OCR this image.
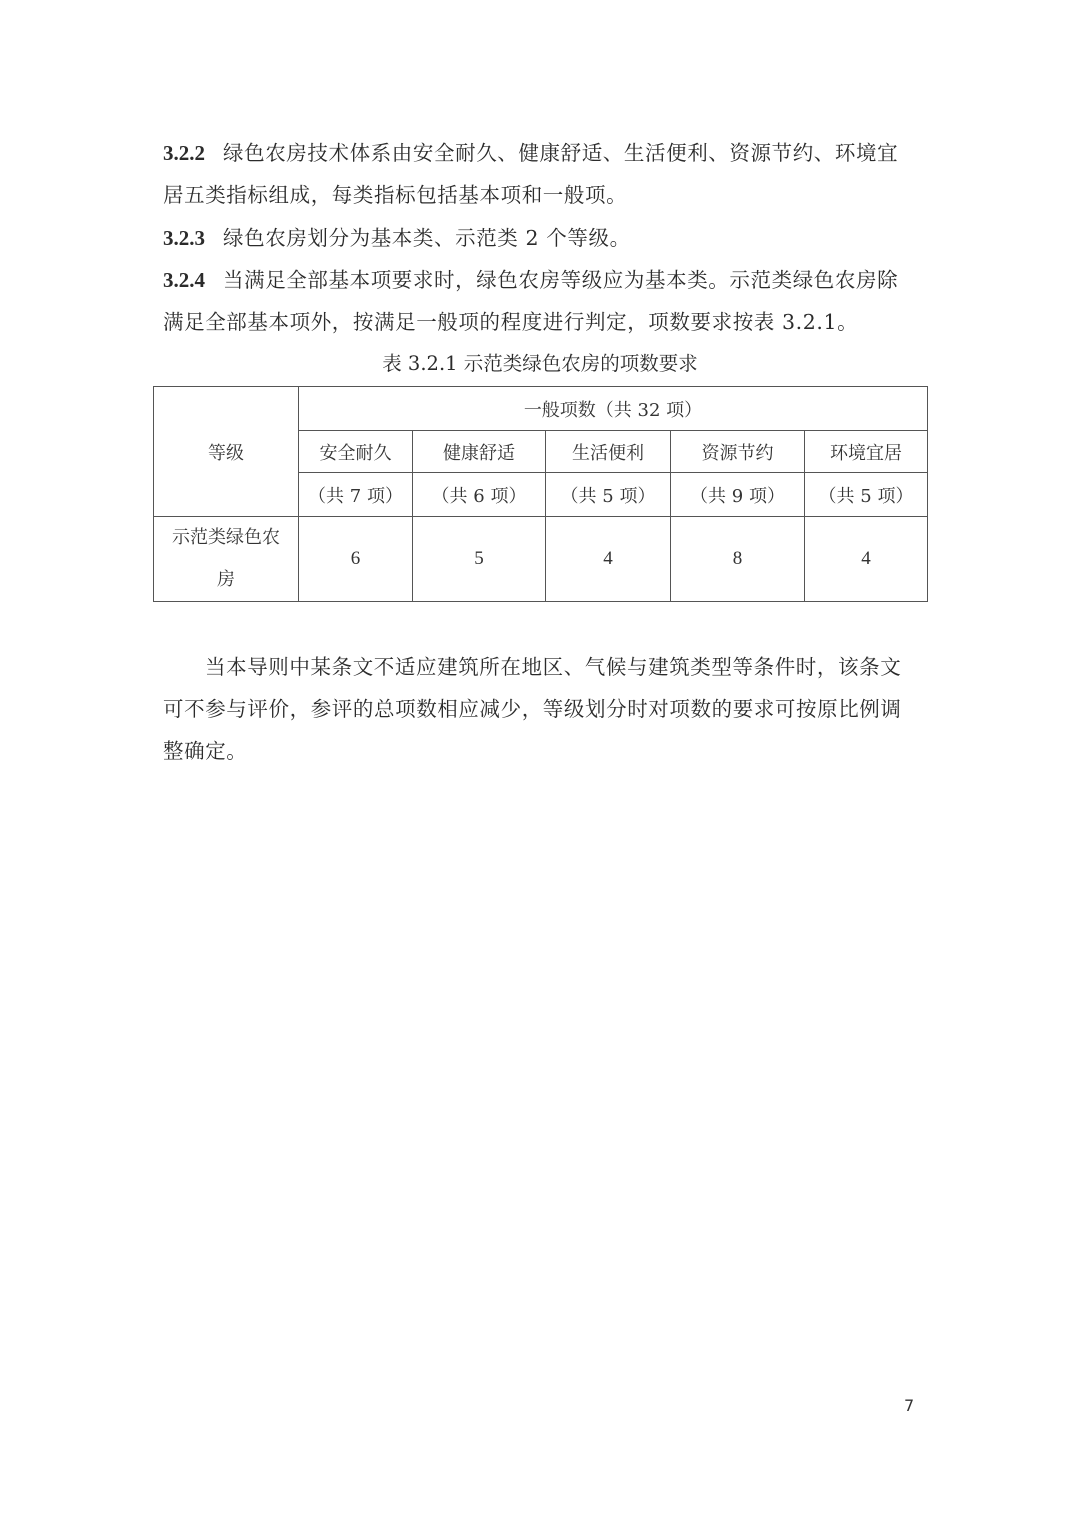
3.2.2 绿色农房技术体系由安全耐久、健康舒适、生活便利、资源节约、环境宜
居五类指标组成，每类指标包括基本项和一般项。
3.2.3 绿色农房划分为基本类、示范类 2 个等级。
3.2.4 当满足全部基本项要求时，绿色农房等级应为基本类。示范类绿色农房除
满足全部基本项外，按满足一般项的程度进行判定，项数要求按表 3.2.1。
表 3.2.1 示范类绿色农房的项数要求
等级	一般项数（共 32 项）				
	安全耐久	健康舒适	生活便利	资源节约	环境宜居
	（共 7 项）	（共 6 项）	（共 5 项）	（共 9 项）	（共 5 项）

示范类绿色农
房	6	5	4	8	4
当本导则中某条文不适应建筑所在地区、气候与建筑类型等条件时，该条文
可不参与评价，参评的总项数相应减少，等级划分时对项数的要求可按原比例调
整确定。
7
